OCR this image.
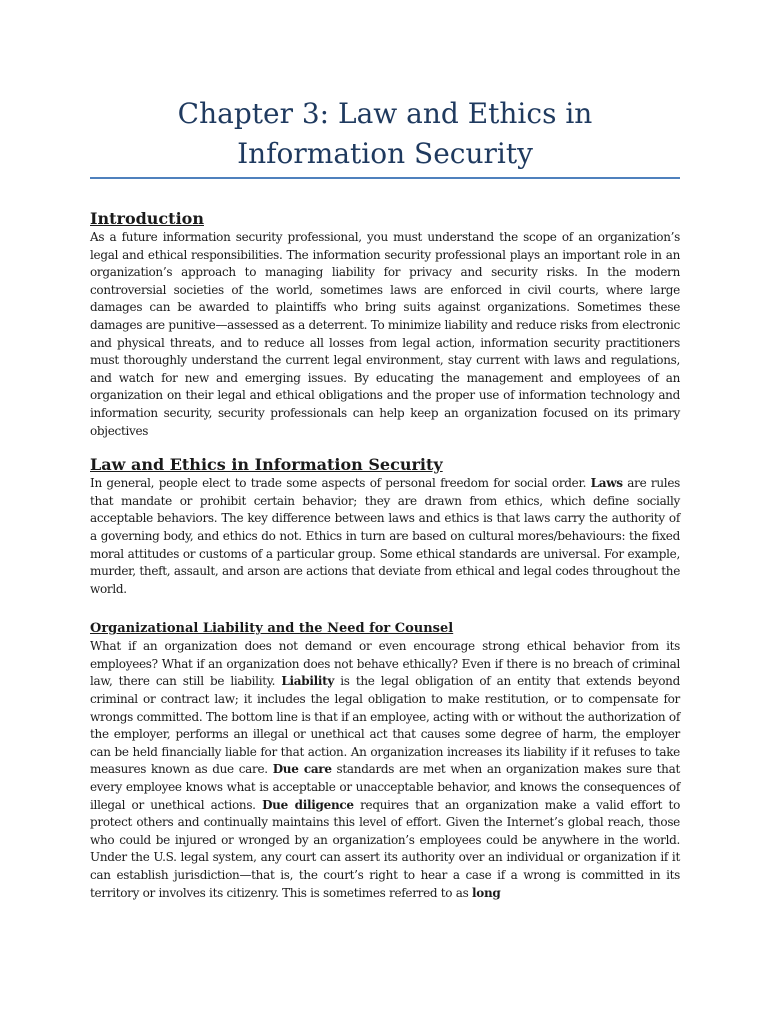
Chapter 3: Law and Ethics in Information Security
Introduction

As a future information security professional, you must understand the scope of an organization’s legal and ethical responsibilities. The information security professional plays an important role in an organization’s approach to managing liability for privacy and security risks. In the modern controversial societies of the world, sometimes laws are enforced in civil courts, where large damages can be awarded to plaintiffs who bring suits against organizations. Sometimes these damages are punitive—assessed as a deterrent. To minimize liability and reduce risks from electronic and physical threats, and to reduce all losses from legal action, information security practitioners must thoroughly understand the current legal environment, stay current with laws and regulations, and watch for new and emerging issues. By educating the management and employees of an organization on their legal and ethical obligations and the proper use of information technology and information security, security professionals can help keep an organization focused on its primary objectives

Law and Ethics in Information Security

In general, people elect to trade some aspects of personal freedom for social order. Laws are rules that mandate or prohibit certain behavior; they are drawn from ethics, which define socially acceptable behaviors. The key difference between laws and ethics is that laws carry the authority of a governing body, and ethics do not. Ethics in turn are based on cultural mores/behaviours: the fixed moral attitudes or customs of a particular group. Some ethical standards are universal. For example, murder, theft, assault, and arson are actions that deviate from ethical and legal codes throughout the world.

Organizational Liability and the Need for Counsel

What if an organization does not demand or even encourage strong ethical behavior from its employees? What if an organization does not behave ethically? Even if there is no breach of criminal law, there can still be liability. Liability is the legal obligation of an entity that extends beyond criminal or contract law; it includes the legal obligation to make restitution, or to compensate for wrongs committed. The bottom line is that if an employee, acting with or without the authorization of the employer, performs an illegal or unethical act that causes some degree of harm, the employer can be held financially liable for that action. An organization increases its liability if it refuses to take measures known as due care. Due care standards are met when an organization makes sure that every employee knows what is acceptable or unacceptable behavior, and knows the consequences of illegal or unethical actions. Due diligence requires that an organization make a valid effort to protect others and continually maintains this level of effort. Given the Internet’s global reach, those who could be injured or wronged by an organization’s employees could be anywhere in the world. Under the U.S. legal system, any court can assert its authority over an individual or organization if it can establish jurisdiction—that is, the court’s right to hear a case if a wrong is committed in its territory or involves its citizenry. This is sometimes referred to as long
